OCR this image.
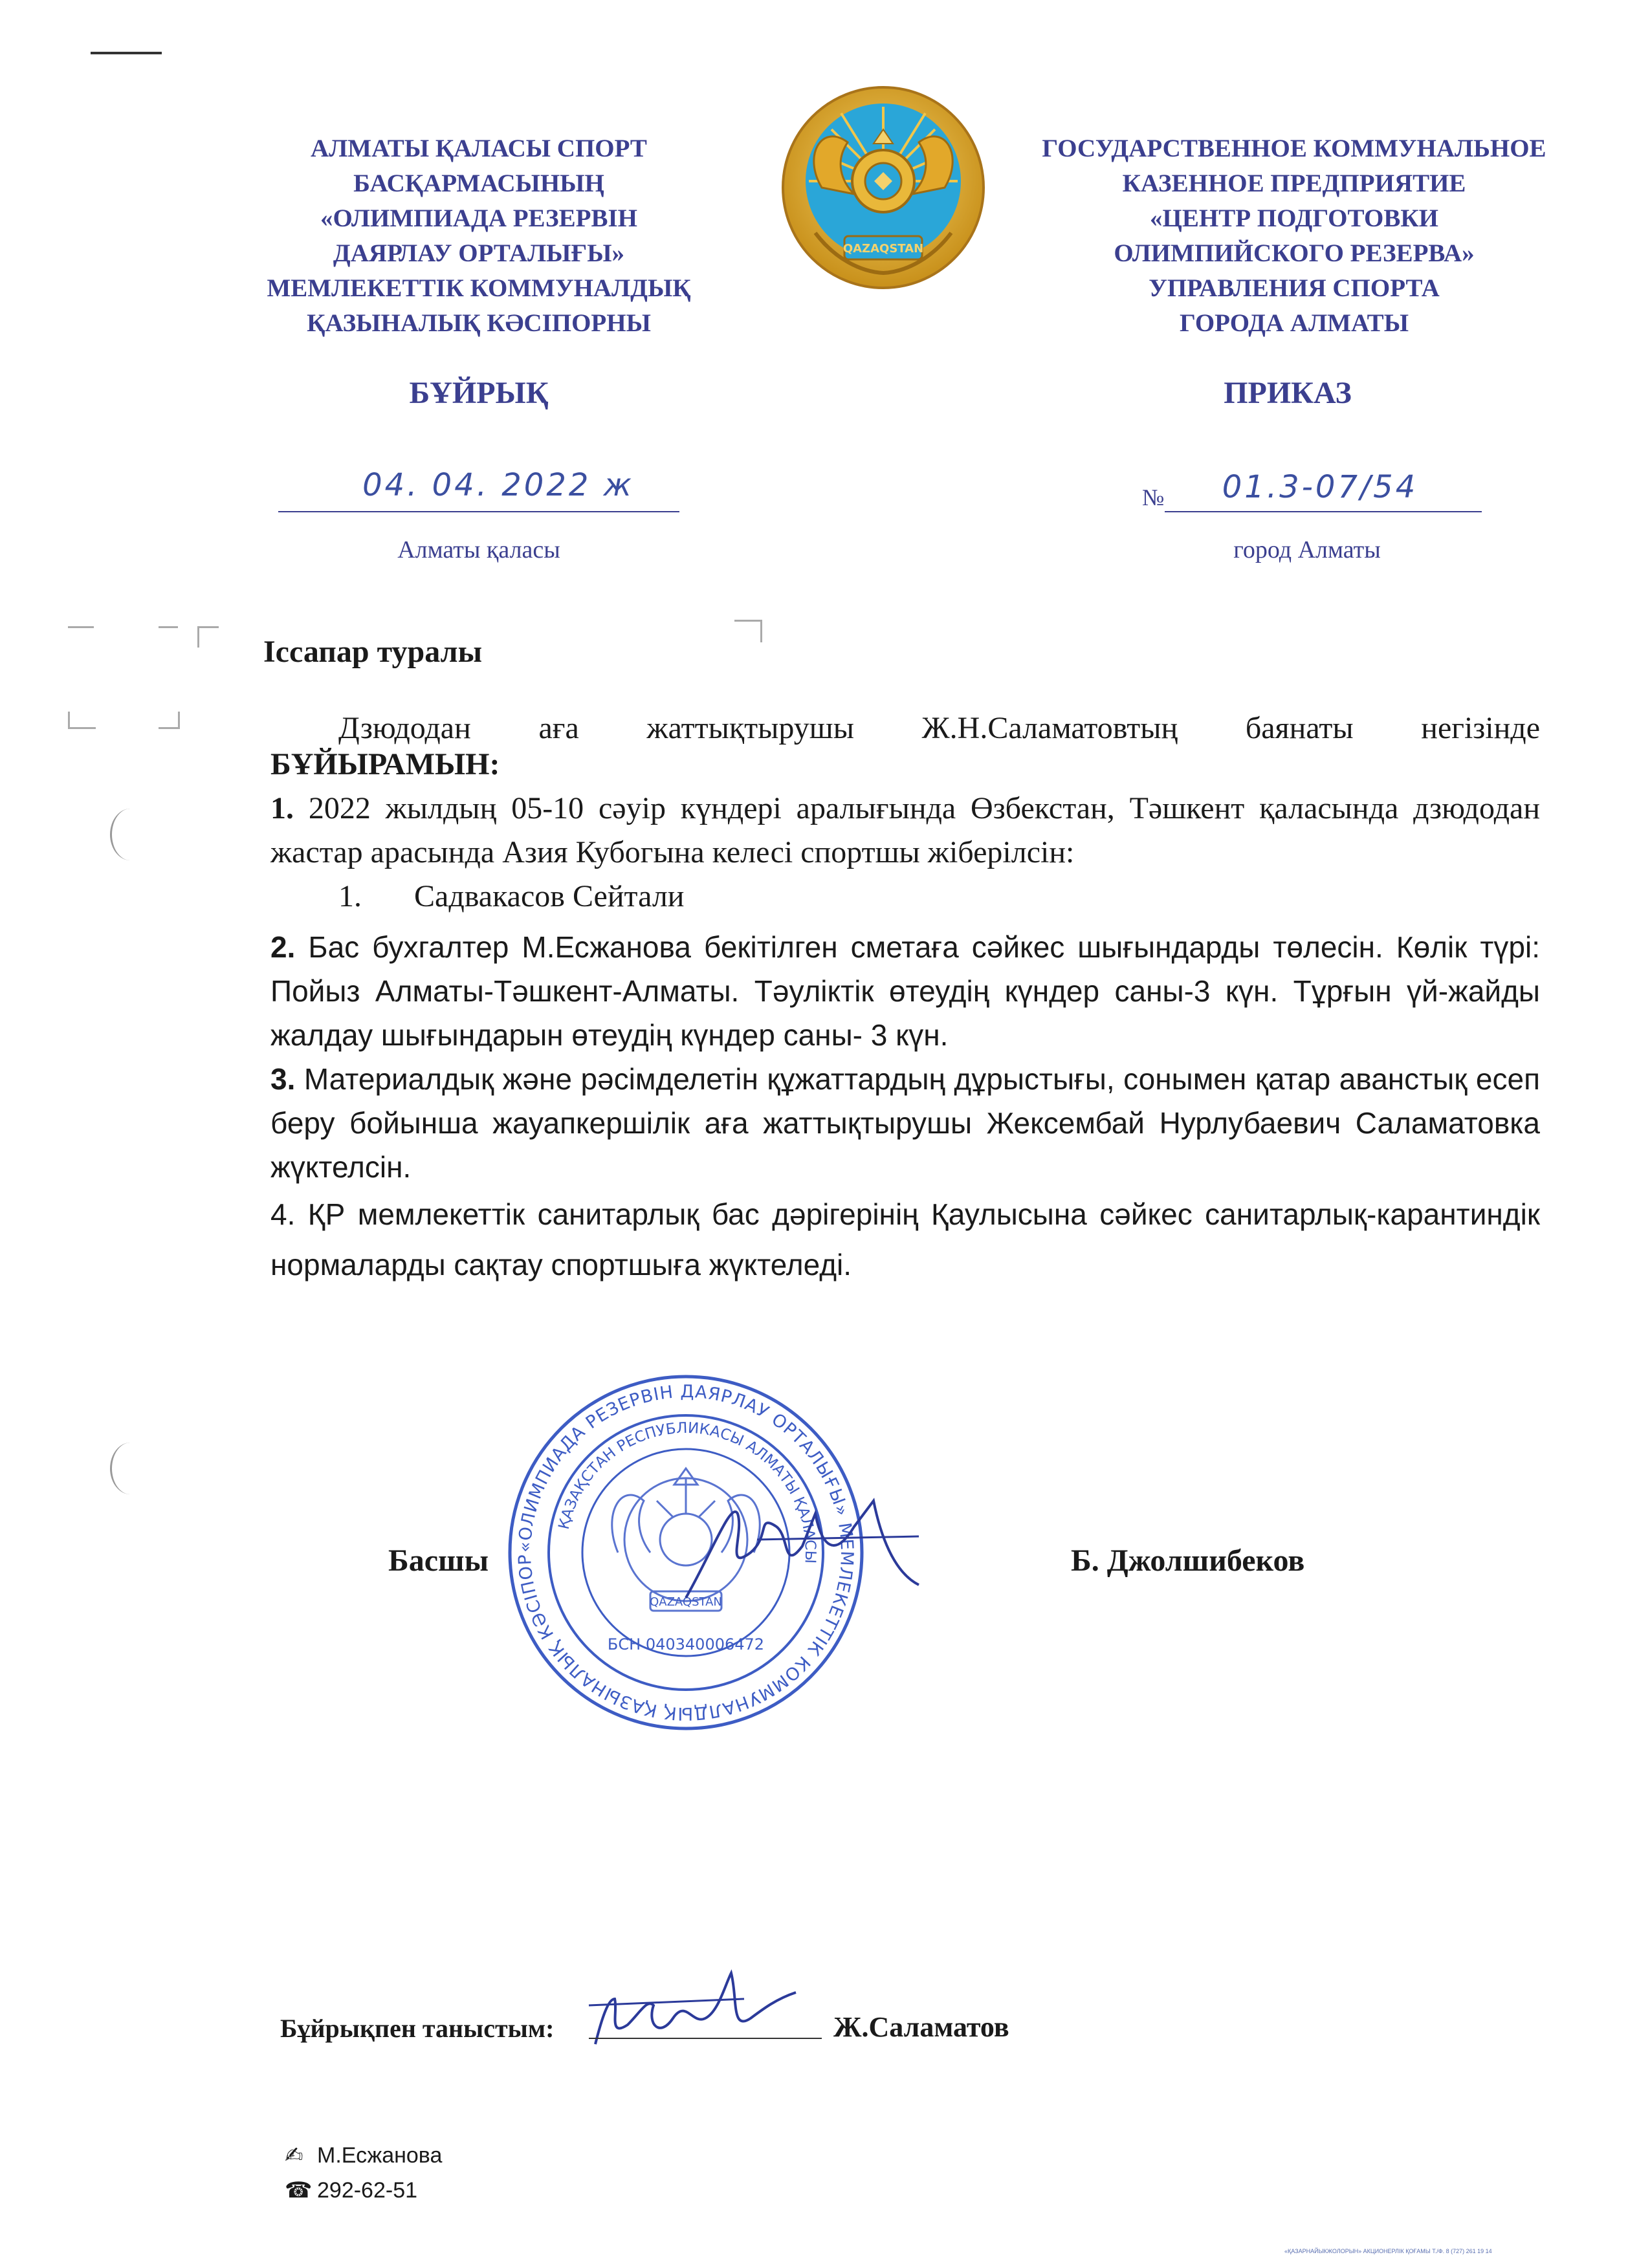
АЛМАТЫ ҚАЛАСЫ СПОРТ
БАСҚАРМАСЫНЫҢ
«ОЛИМПИАДА РЕЗЕРВІН
ДАЯРЛАУ ОРТАЛЫҒЫ»
МЕМЛЕКЕТТІК КОММУНАЛДЫҚ
ҚАЗЫНАЛЫҚ КӘСІПОРНЫ
QAZAQSTAN
ГОСУДАРСТВЕННОЕ КОММУНАЛЬНОЕ
КАЗЕННОЕ ПРЕДПРИЯТИЕ
«ЦЕНТР ПОДГОТОВКИ
ОЛИМПИЙСКОГО РЕЗЕРВА»
УПРАВЛЕНИЯ СПОРТА
ГОРОДА АЛМАТЫ
БҰЙРЫҚ	ПРИКАЗ
04. 04. 2022 ж
Алматы қаласы
№	01.3-07/54
город Алматы
Іссапар туралы

Дзюдодан аға жаттықтырушы Ж.Н.Саламатовтың баянаты негізінде

БҰЙЫРАМЫН:

1. 2022 жылдың 05-10 сәуір күндері аралығында Өзбекстан, Тәшкент қаласында дзюдодан жастар арасында Азия Кубогына келесі спортшы жіберілсін:

1. Садвакасов Сейтали

2. Бас бухгалтер М.Есжанова бекітілген сметаға сәйкес шығындарды төлесін. Көлік түрі: Пойыз Алматы-Тәшкент-Алматы. Тәуліктік өтеудің күндер саны-3 күн. Тұрғын үй-жайды жалдау шығындарын өтеудің күндер саны- 3 күн.

3. Материалдық және рәсімделетін құжаттардың дұрыстығы, сонымен қатар аванстық есеп беру бойынша жауапкершілік аға жаттықтырушы Жексембай Нурлубаевич Саламатовка жүктелсін.

4. ҚР мемлекеттік санитарлық бас дәрігерінің Қаулысына сәйкес санитарлық-карантиндік нормаларды сақтау спортшыға жүктеледі.

«ОЛИМПИАДА РЕЗЕРВІН ДАЯРЛАУ ОРТАЛЫҒЫ» МЕМЛЕКЕТТІК КОММУНАЛДЫҚ ҚАЗЫНАЛЫҚ КӘСІПОР
ҚАЗАҚСТАН РЕСПУБЛИКАСЫ АЛМАТЫ ҚАЛАСЫ
QAZAQSTAN
БСН 040340006472
Басшы	Б. Джолшибеков
Бұйрықпен таныстым:	Ж.Саламатов
✍ М.Есжанова
☎ 292-62-51
«ҚАЗАРНАЙЫКЖОЛОРЫН» АКЦИОНЕРЛІК ҚОҒАМЫ Т./Ф. 8 (727) 261 19 14
